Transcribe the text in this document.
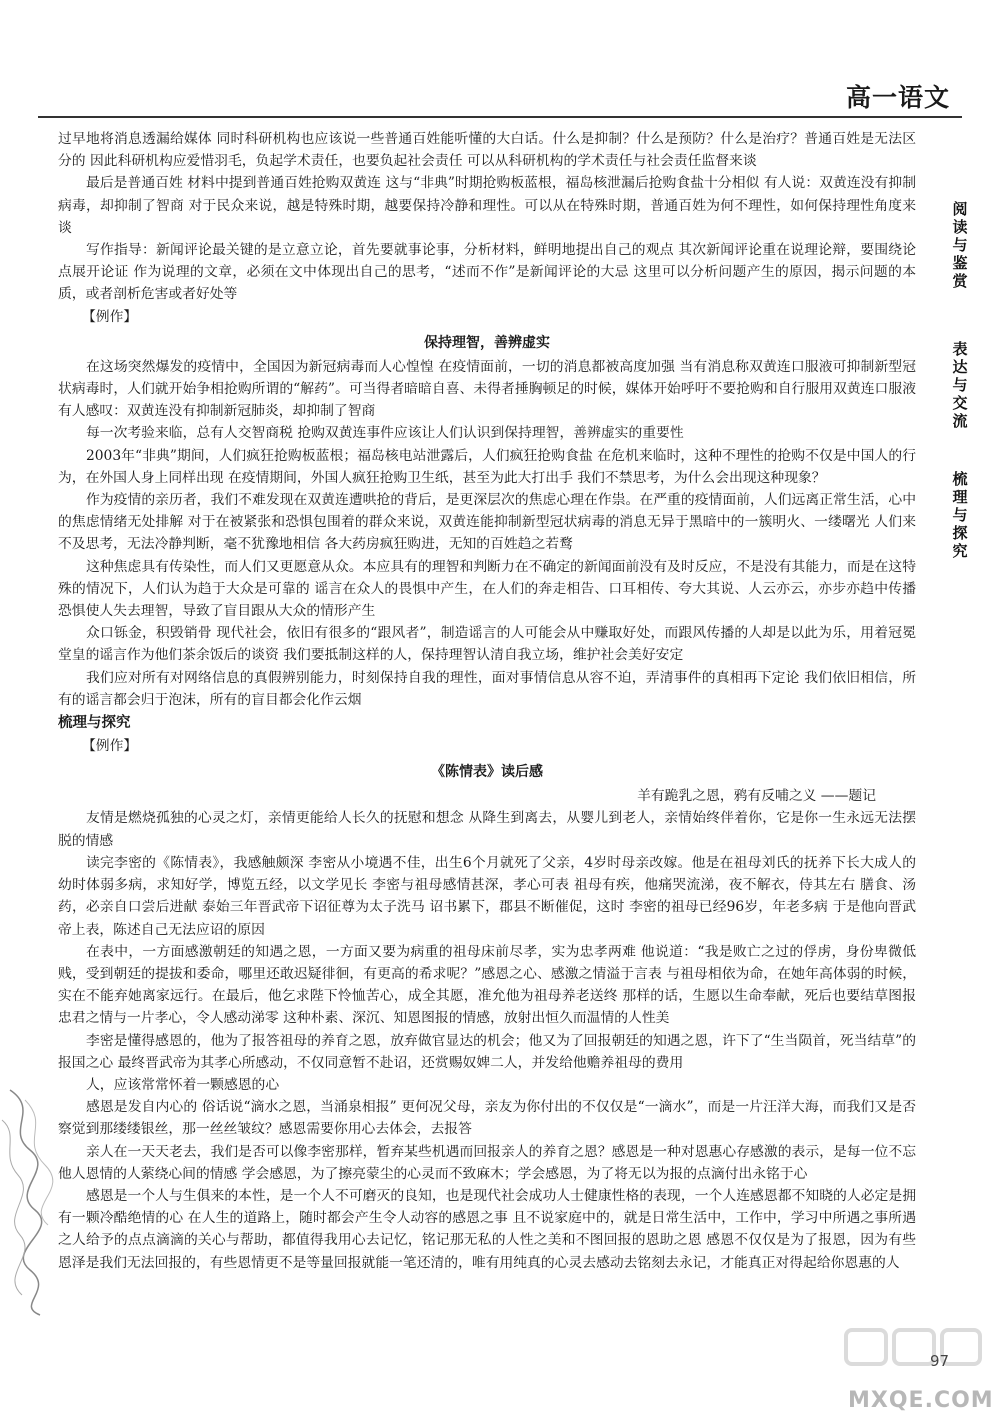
高一语文
阅读与鉴赏
表达与交流
梳理与探究

过早地将消息透漏给媒体 同时科研机构也应该说一些普通百姓能听懂的大白话。什么是抑制？什么是预防？什么是治疗？普通百姓是无法区分的 因此科研机构应爱惜羽毛，负起学术责任，也要负起社会责任 可以从科研机构的学术责任与社会责任监督来谈

最后是普通百姓 材料中提到普通百姓抢购双黄连 这与“非典”时期抢购板蓝根，福岛核泄漏后抢购食盐十分相似 有人说：双黄连没有抑制病毒，却抑制了智商 对于民众来说，越是特殊时期，越要保持冷静和理性。可以从在特殊时期，普通百姓为何不理性，如何保持理性角度来谈

写作指导：新闻评论最关键的是立意立论，首先要就事论事，分析材料，鲜明地提出自己的观点 其次新闻评论重在说理论辩，要围绕论点展开论证 作为说理的文章，必须在文中体现出自己的思考，“述而不作”是新闻评论的大忌 这里可以分析问题产生的原因，揭示问题的本质，或者剖析危害或者好处等

【例作】
保持理智，善辨虚实

在这场突然爆发的疫情中，全国因为新冠病毒而人心惶惶 在疫情面前，一切的消息都被高度加强 当有消息称双黄连口服液可抑制新型冠状病毒时，人们就开始争相抢购所谓的“解药”。可当得者暗暗自喜、未得者捶胸顿足的时候，媒体开始呼吁不要抢购和自行服用双黄连口服液 有人感叹：双黄连没有抑制新冠肺炎，却抑制了智商

每一次考验来临，总有人交智商税 抢购双黄连事件应该让人们认识到保持理智，善辨虚实的重要性

2003年“非典”期间，人们疯狂抢购板蓝根；福岛核电站泄露后，人们疯狂抢购食盐 在危机来临时，这种不理性的抢购不仅是中国人的行为，在外国人身上同样出现 在疫情期间，外国人疯狂抢购卫生纸，甚至为此大打出手 我们不禁思考，为什么会出现这种现象？

作为疫情的亲历者，我们不难发现在双黄连遭哄抢的背后，是更深层次的焦虑心理在作祟。在严重的疫情面前，人们远离正常生活，心中的焦虑情绪无处排解 对于在被紧张和恐惧包围着的群众来说，双黄连能抑制新型冠状病毒的消息无异于黑暗中的一簇明火、一缕曙光 人们来不及思考，无法冷静判断，毫不犹豫地相信 各大药房疯狂购进，无知的百姓趋之若鹜

这种焦虑具有传染性，而人们又更愿意从众。本应具有的理智和判断力在不确定的新闻面前没有及时反应，不是没有其能力，而是在这特殊的情况下，人们认为趋于大众是可靠的 谣言在众人的畏惧中产生，在人们的奔走相告、口耳相传、夸大其说、人云亦云，亦步亦趋中传播 恐惧使人失去理智，导致了盲目跟从大众的情形产生

众口铄金，积毁销骨 现代社会，依旧有很多的“跟风者”，制造谣言的人可能会从中赚取好处，而跟风传播的人却是以此为乐，用着冠冕堂皇的谣言作为他们茶余饭后的谈资 我们要抵制这样的人，保持理智认清自我立场，维护社会美好安定

我们应对所有对网络信息的真假辨别能力，时刻保持自我的理性，面对事情信息从容不迫，弄清事件的真相再下定论 我们依旧相信，所有的谣言都会归于泡沫，所有的盲目都会化作云烟

梳理与探究
【例作】
《陈情表》读后感
羊有跪乳之恩，鸦有反哺之义 ——题记

友情是燃烧孤独的心灵之灯，亲情更能给人长久的抚慰和想念 从降生到离去，从婴儿到老人，亲情始终伴着你，它是你一生永远无法摆脱的情感

读完李密的《陈情表》，我感触颇深 李密从小境遇不佳，出生6个月就死了父亲，4岁时母亲改嫁。他是在祖母刘氏的抚养下长大成人的 幼时体弱多病，求知好学，博览五经，以文学见长 李密与祖母感情甚深，孝心可表 祖母有疾，他痛哭流涕，夜不解衣，侍其左右 膳食、汤药，必亲自口尝后进献 泰始三年晋武帝下诏征尊为太子洗马 诏书累下，郡县不断催促，这时 李密的祖母已经96岁，年老多病 于是他向晋武帝上表，陈述自己无法应诏的原因

在表中，一方面感激朝廷的知遇之恩，一方面又要为病重的祖母床前尽孝，实为忠孝两难 他说道：“我是败亡之过的俘虏，身份卑微低贱，受到朝廷的提拔和委命，哪里还敢迟疑徘徊，有更高的希求呢？”感恩之心、感激之情溢于言表 与祖母相依为命，在她年高体弱的时候，实在不能弃她离家远行。在最后，他乞求陛下怜恤苦心，成全其愿，准允他为祖母养老送终 那样的话，生愿以生命奉献，死后也要结草图报 忠君之情与一片孝心，令人感动涕零 这种朴素、深沉、知恩图报的情感，放射出恒久而温情的人性美

李密是懂得感恩的，他为了报答祖母的养育之恩，放弃做官显达的机会；他又为了回报朝廷的知遇之恩，许下了“生当陨首，死当结草”的报国之心 最终晋武帝为其孝心所感动，不仅同意暂不赴诏，还赏赐奴婢二人，并发给他赡养祖母的费用

人，应该常常怀着一颗感恩的心

感恩是发自内心的 俗话说“滴水之恩，当涌泉相报” 更何况父母，亲友为你付出的不仅仅是“一滴水”，而是一片汪洋大海，而我们又是否察觉到那缕缕银丝，那一丝丝皱纹？感恩需要你用心去体会，去报答

亲人在一天天老去，我们是否可以像李密那样，暂弃某些机遇而回报亲人的养育之恩？感恩是一种对恩惠心存感激的表示，是每一位不忘他人恩情的人萦绕心间的情感 学会感恩，为了擦亮蒙尘的心灵而不致麻木；学会感恩，为了将无以为报的点滴付出永铭于心

感恩是一个人与生俱来的本性，是一个人不可磨灭的良知，也是现代社会成功人士健康性格的表现，一个人连感恩都不知晓的人必定是拥有一颗冷酷绝情的心 在人生的道路上，随时都会产生令人动容的感恩之事 且不说家庭中的，就是日常生活中，工作中，学习中所遇之事所遇之人给予的点点滴滴的关心与帮助，都值得我用心去记忆，铭记那无私的人性之美和不图回报的恩助之恩 感恩不仅仅是为了报恩，因为有些恩泽是我们无法回报的，有些恩情更不是等量回报就能一笔还清的，唯有用纯真的心灵去感动去铭刻去永记，才能真正对得起给你恩惠的人

97
MXQE.COM
